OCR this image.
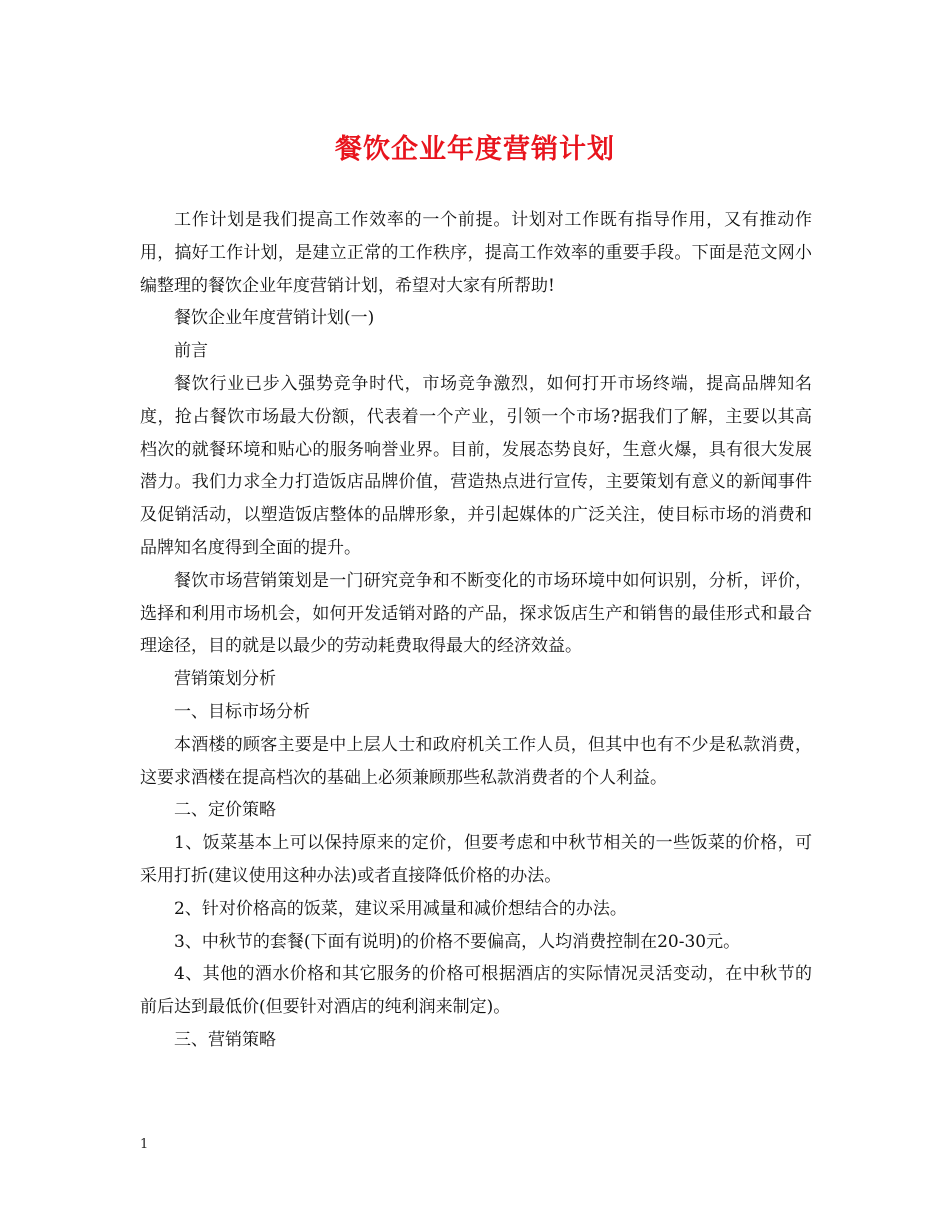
餐饮企业年度营销计划

工作计划是我们提高工作效率的一个前提。计划对工作既有指导作用，又有推动作用，搞好工作计划，是建立正常的工作秩序，提高工作效率的重要手段。下面是范文网小编整理的餐饮企业年度营销计划，希望对大家有所帮助!

餐饮企业年度营销计划(一)

前言

餐饮行业已步入强势竞争时代，市场竞争激烈，如何打开市场终端，提高品牌知名度，抢占餐饮市场最大份额，代表着一个产业，引领一个市场?据我们了解，主要以其高档次的就餐环境和贴心的服务响誉业界。目前，发展态势良好，生意火爆，具有很大发展潜力。我们力求全力打造饭店品牌价值，营造热点进行宣传，主要策划有意义的新闻事件及促销活动，以塑造饭店整体的品牌形象，并引起媒体的广泛关注，使目标市场的消费和品牌知名度得到全面的提升。

餐饮市场营销策划是一门研究竞争和不断变化的市场环境中如何识别，分析，评价，选择和利用市场机会，如何开发适销对路的产品，探求饭店生产和销售的最佳形式和最合理途径，目的就是以最少的劳动耗费取得最大的经济效益。

营销策划分析

一、目标市场分析

本酒楼的顾客主要是中上层人士和政府机关工作人员，但其中也有不少是私款消费，这要求酒楼在提高档次的基础上必须兼顾那些私款消费者的个人利益。

二、定价策略

1、饭菜基本上可以保持原来的定价，但要考虑和中秋节相关的一些饭菜的价格，可采用打折(建议使用这种办法)或者直接降低价格的办法。

2、针对价格高的饭菜，建议采用减量和减价想结合的办法。

3、中秋节的套餐(下面有说明)的价格不要偏高，人均消费控制在20-30元。

4、其他的酒水价格和其它服务的价格可根据酒店的实际情况灵活变动，在中秋节的前后达到最低价(但要针对酒店的纯利润来制定)。

三、营销策略

1
